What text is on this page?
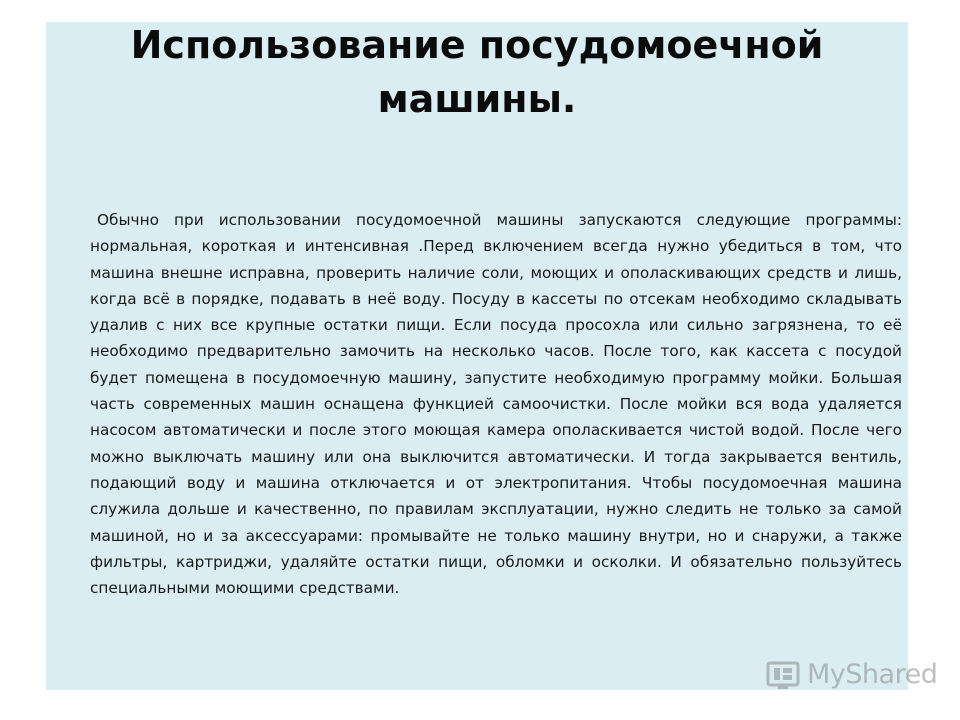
Использование посудомоечной машины.

Обычно при использовании посудомоечной машины запускаются следующие программы: нормальная, короткая и интенсивная .Перед включением всегда нужно убедиться в том, что машина внешне исправна, проверить наличие соли, моющих и ополаскивающих средств и лишь, когда всё в порядке, подавать в неё воду. Посуду в кассеты по отсекам необходимо складывать удалив с них все крупные остатки пищи. Если посуда просохла или сильно загрязнена, то её необходимо предварительно замочить на несколько часов. После того, как кассета с посудой будет помещена в посудомоечную машину, запустите необходимую программу мойки. Большая часть современных машин оснащена функцией самоочистки. После мойки вся вода удаляется насосом автоматически и после этого моющая камера ополаскивается чистой водой. После чего можно выключать машину или она выключится автоматически. И тогда закрывается вентиль, подающий воду и машина отключается и от электропитания. Чтобы посудомоечная машина служила дольше и качественно, по правилам эксплуатации, нужно следить не только за самой машиной, но и за аксессуарами: промывайте не только машину внутри, но и снаружи, а также фильтры, картриджи, удаляйте остатки пищи, обломки и осколки. И обязательно пользуйтесь специальными моющими средствами.

MyShared
